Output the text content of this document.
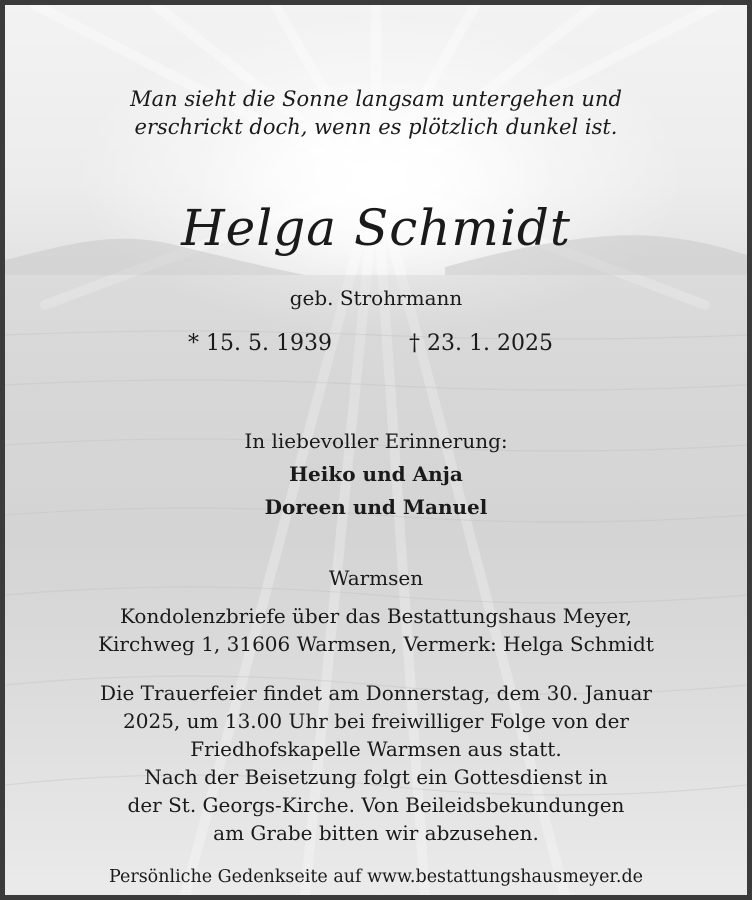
Man sieht die Sonne langsam untergehen und
erschrickt doch, wenn es plötzlich dunkel ist.
Helga Schmidt
geb. Strohrmann
* 15. 5. 1939	† 23. 1. 2025
In liebevoller Erinnerung:
Heiko und Anja
Doreen und Manuel
Warmsen
Kondolenzbriefe über das Bestattungshaus Meyer,
Kirchweg 1, 31606 Warmsen, Vermerk: Helga Schmidt
Die Trauerfeier findet am Donnerstag, dem 30. Januar
2025, um 13.00 Uhr bei freiwilliger Folge von der
Friedhofskapelle Warmsen aus statt.
Nach der Beisetzung folgt ein Gottesdienst in
der St. Georgs-Kirche. Von Beileidsbekundungen
am Grabe bitten wir abzusehen.
Persönliche Gedenkseite auf www.bestattungshausmeyer.de
